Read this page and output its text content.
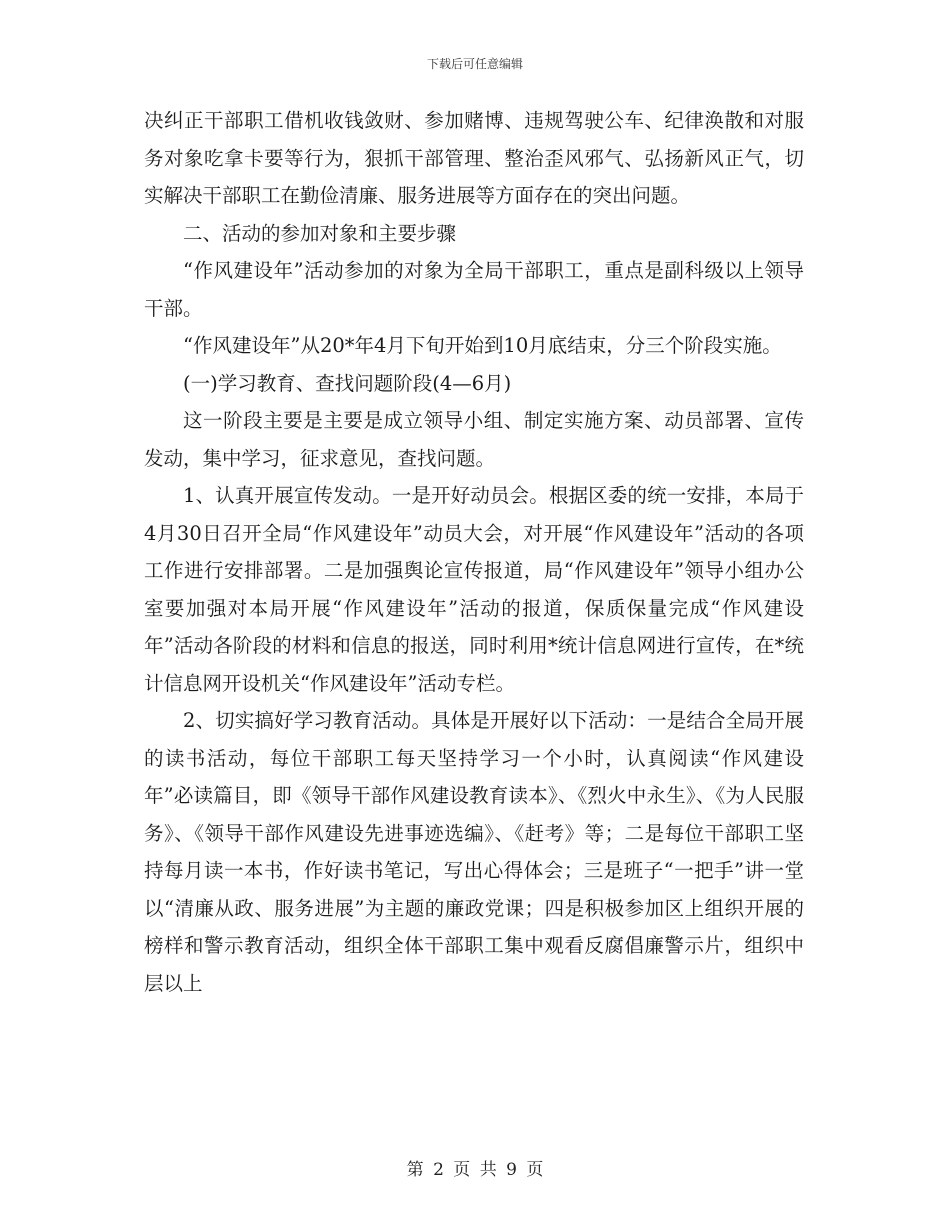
下载后可任意编辑

决纠正干部职工借机收钱敛财、参加赌博、违规驾驶公车、纪律涣散和对服务对象吃拿卡要等行为，狠抓干部管理、整治歪风邪气、弘扬新风正气，切实解决干部职工在勤俭清廉、服务进展等方面存在的突出问题。

二、活动的参加对象和主要步骤

“作风建设年”活动参加的对象为全局干部职工，重点是副科级以上领导干部。

“作风建设年”从20*年4月下旬开始到10月底结束，分三个阶段实施。

(一)学习教育、查找问题阶段(4—6月)

这一阶段主要是主要是成立领导小组、制定实施方案、动员部署、宣传发动，集中学习，征求意见，查找问题。

1、认真开展宣传发动。一是开好动员会。根据区委的统一安排，本局于4月30日召开全局“作风建设年”动员大会，对开展“作风建设年”活动的各项工作进行安排部署。二是加强舆论宣传报道，局“作风建设年”领导小组办公室要加强对本局开展“作风建设年”活动的报道，保质保量完成“作风建设年”活动各阶段的材料和信息的报送，同时利用*统计信息网进行宣传，在*统计信息网开设机关“作风建设年”活动专栏。

2、切实搞好学习教育活动。具体是开展好以下活动：一是结合全局开展的读书活动，每位干部职工每天坚持学习一个小时，认真阅读“作风建设年”必读篇目，即《领导干部作风建设教育读本》、《烈火中永生》、《为人民服务》、《领导干部作风建设先进事迹选编》、《赶考》等；二是每位干部职工坚持每月读一本书，作好读书笔记，写出心得体会；三是班子“一把手”讲一堂以“清廉从政、服务进展”为主题的廉政党课；四是积极参加区上组织开展的榜样和警示教育活动，组织全体干部职工集中观看反腐倡廉警示片，组织中层以上

第 2 页 共 9 页
